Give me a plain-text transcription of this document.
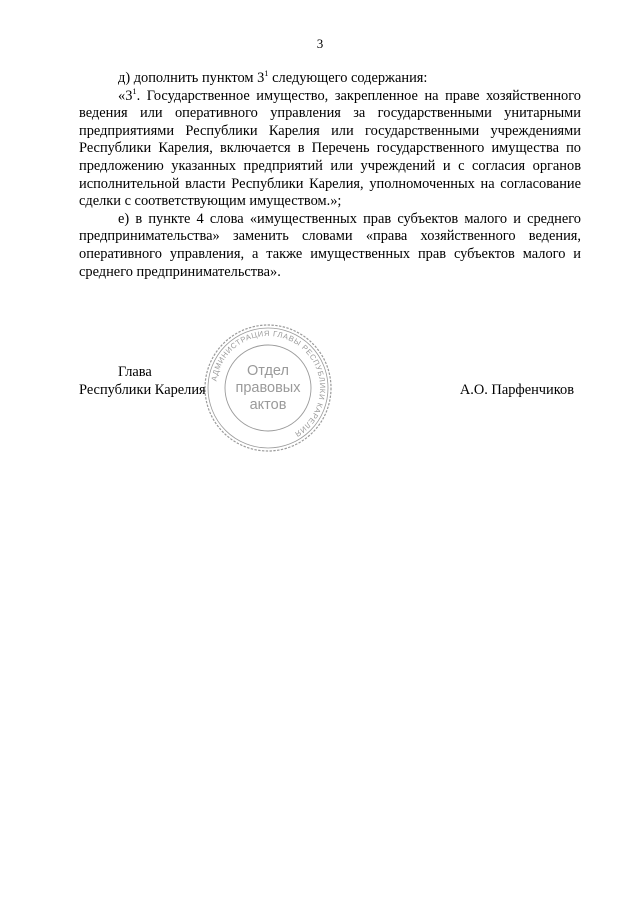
3

д) дополнить пунктом $3^1$ следующего содержания:

«$3^1$. Государственное имущество, закрепленное на праве хозяйственного ведения или оперативного управления за государственными унитарными предприятиями Республики Карелия или государственными учреждениями Республики Карелия, включается в Перечень государственного имущества по предложению указанных предприятий или учреждений и с согласия органов исполнительной власти Республики Карелия, уполномоченных на согласование сделки с соответствующим имуществом.»;

е) в пункте 4 слова «имущественных прав субъектов малого и среднего предпринимательства» заменить словами «права хозяйственного ведения, оперативного управления, а также имущественных прав субъектов малого и среднего предпринимательства».

Глава
Республики Карелия	А.О. Парфенчиков
АДМИНИСТРАЦИЯ ГЛАВЫ РЕСПУБЛИКИ КАРЕЛИЯ
Отдел
правовых
актов
